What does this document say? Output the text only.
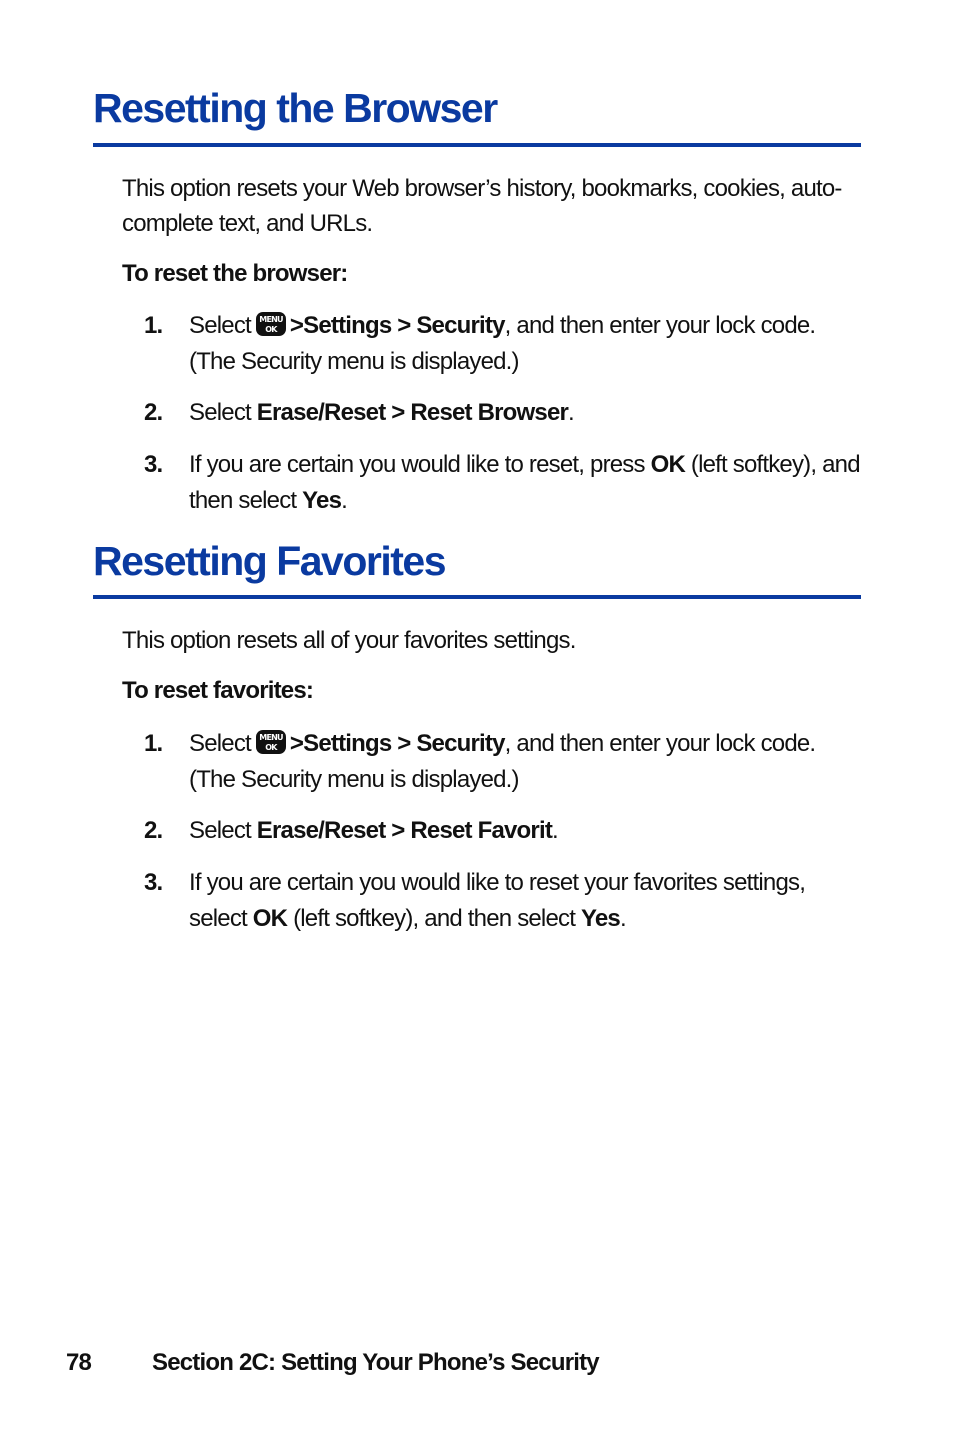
Resetting the Browser

This option resets your Web browser’s history, bookmarks, cookies, auto-complete text, and URLs.

To reset the browser:

1. Select MENU
OK >Settings > Security, and then enter your lock code. (The Security menu is displayed.)
2. Select Erase/Reset > Reset Browser.
3. If you are certain you would like to reset, press OK (left softkey), and then select Yes.
Resetting Favorites

This option resets all of your favorites settings.

To reset favorites:

1. Select MENU
OK >Settings > Security, and then enter your lock code. (The Security menu is displayed.)
2. Select Erase/Reset > Reset Favorit.
3. If you are certain you would like to reset your favorites settings, select OK (left softkey), and then select Yes.
78	Section 2C: Setting Your Phone’s Security
